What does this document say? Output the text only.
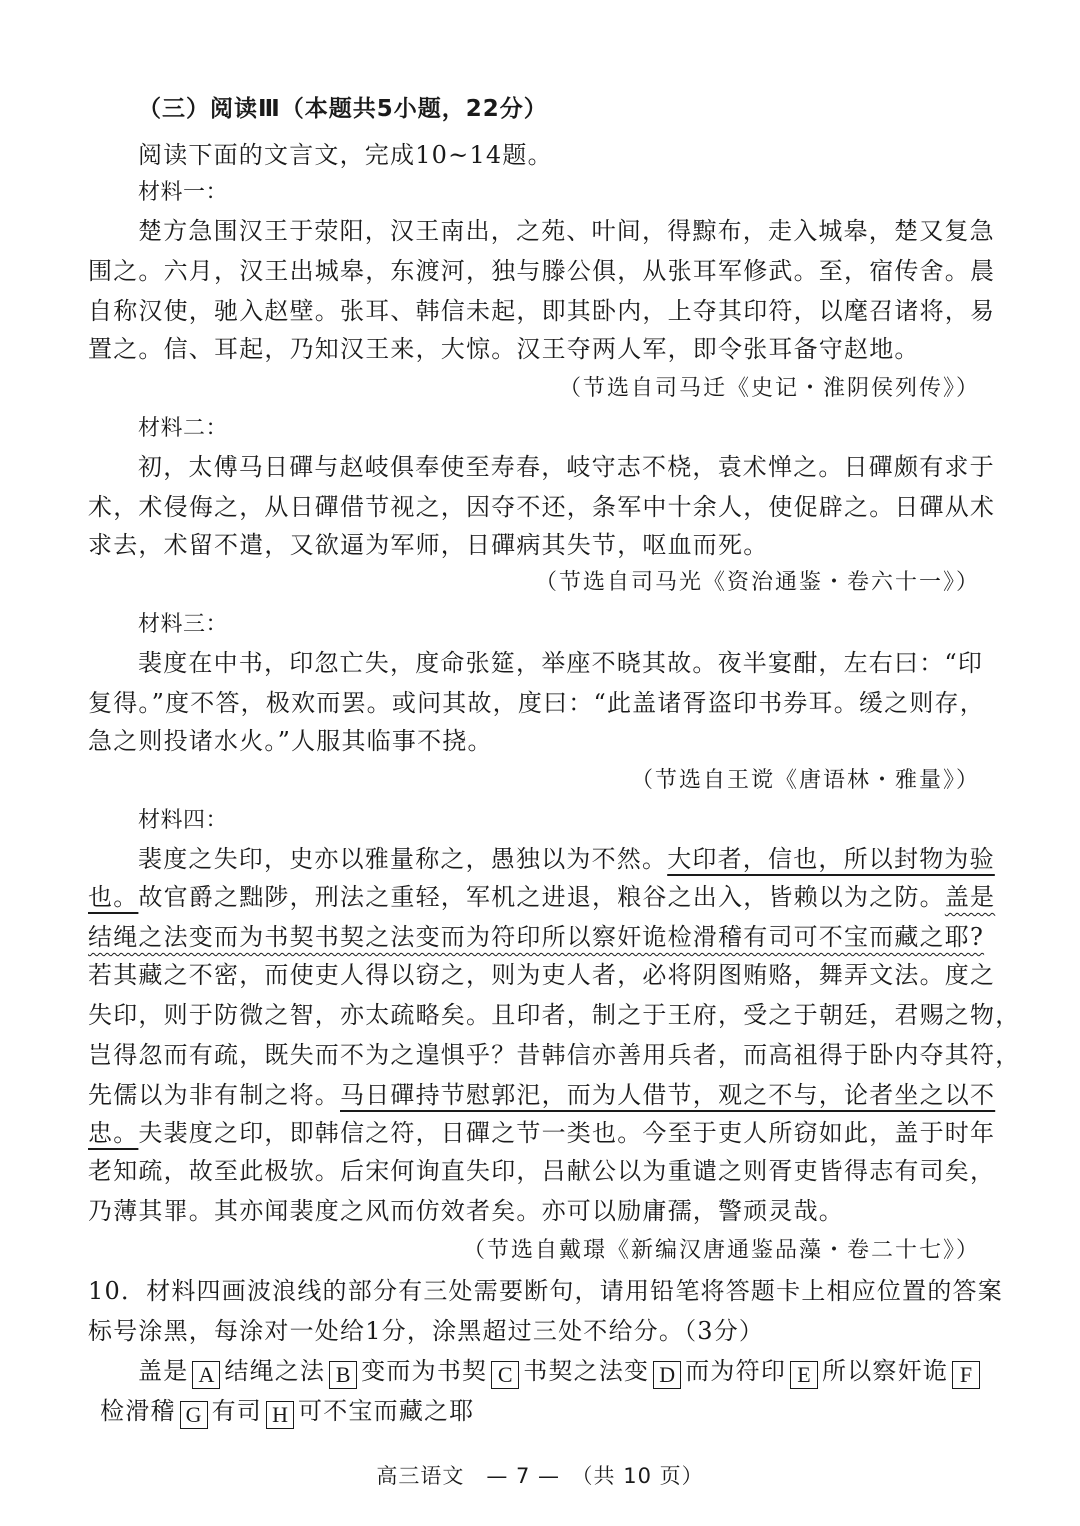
（三）阅读Ⅲ（本题共5小题，22分）
阅读下面的文言文，完成10~14题。
材料一：
楚方急围汉王于荥阳，汉王南出，之苑、叶间，得黥布，走入城皋，楚又复急
围之。六月，汉王出城皋，东渡河，独与滕公俱，从张耳军修武。至，宿传舍。晨
自称汉使，驰入赵壁。张耳、韩信未起，即其卧内，上夺其印符，以麾召诸将，易
置之。信、耳起，乃知汉王来，大惊。汉王夺两人军，即令张耳备守赵地。
（节选自司马迁《史记・淮阴侯列传》）
材料二：
初，太傅马日磾与赵岐俱奉使至寿春，岐守志不桡，袁术惮之。日磾颇有求于
术，术侵侮之，从日磾借节视之，因夺不还，条军中十余人，使促辟之。日磾从术
求去，术留不遣，又欲逼为军师，日磾病其失节，呕血而死。
（节选自司马光《资治通鉴・卷六十一》）
材料三：
裴度在中书，印忽亡失，度命张筵，举座不晓其故。夜半宴酣，左右曰：“印
复得。”度不答，极欢而罢。或问其故，度曰：“此盖诸胥盗印书券耳。缓之则存，
急之则投诸水火。”人服其临事不挠。
（节选自王谠《唐语林・雅量》）
材料四：
裴度之失印，史亦以雅量称之，愚独以为不然。大印者，信也，所以封物为验
也。故官爵之黜陟，刑法之重轻，军机之进退，粮谷之出入，皆赖以为之防。盖是
结绳之法变而为书契书契之法变而为符印所以察奸诡检滑稽有司可不宝而藏之耶?
若其藏之不密，而使吏人得以窃之，则为吏人者，必将阴图贿赂，舞弄文法。度之
失印，则于防微之智，亦太疏略矣。且印者，制之于王府，受之于朝廷，君赐之物，
岂得忽而有疏，既失而不为之遑惧乎？昔韩信亦善用兵者，而高祖得于卧内夺其符，
先儒以为非有制之将。马日磾持节慰郭汜，而为人借节，观之不与，论者坐之以不
忠。夫裴度之印，即韩信之符，日磾之节一类也。今至于吏人所窃如此，盖于时年
老知疏，故至此极欤。后宋何询直失印，吕献公以为重谴之则胥吏皆得志有司矣，
乃薄其罪。其亦闻裴度之风而仿效者矣。亦可以励庸孺，警顽灵哉。
（节选自戴璟《新编汉唐通鉴品藻・卷二十七》）
10．材料四画波浪线的部分有三处需要断句，请用铅笔将答题卡上相应位置的答案
标号涂黑，每涂对一处给1分，涂黑超过三处不给分。（3分）
盖是 A 结绳之法 B 变而为书契 C 书契之法变 D 而为符印 E 所以察奸诡 F
检滑稽 G 有司 H 可不宝而藏之耶
高三语文　— 7 —　（共 10 页）
